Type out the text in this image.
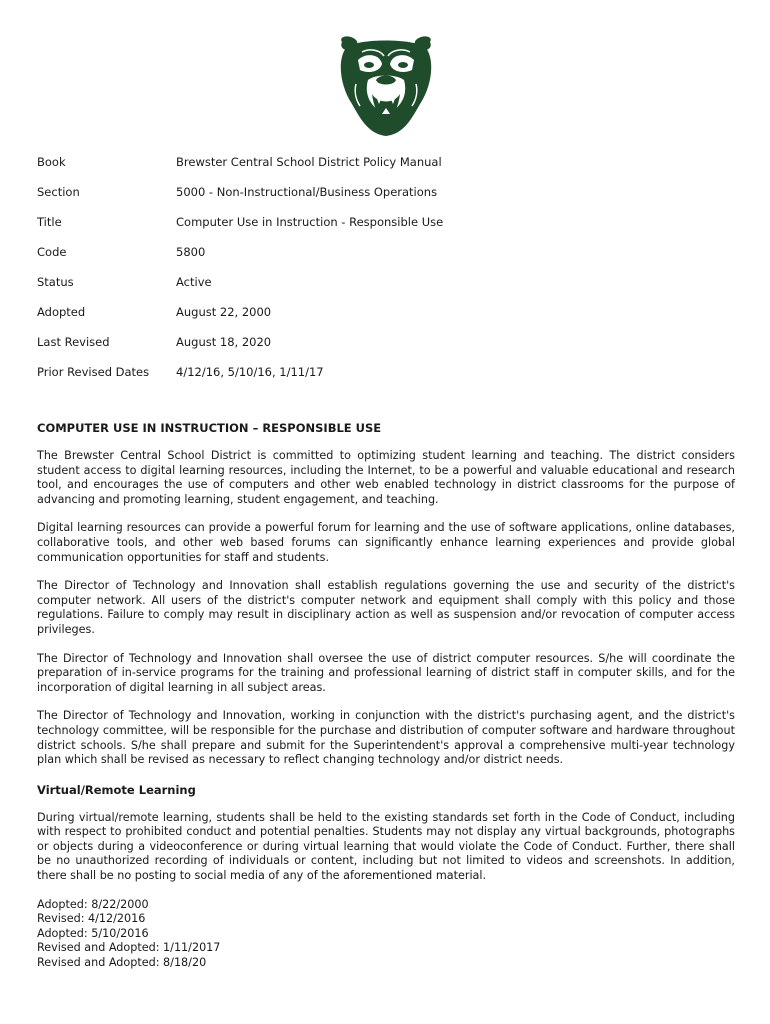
Book	Brewster Central School District Policy Manual
Section	5000 - Non-Instructional/Business Operations
Title	Computer Use in Instruction - Responsible Use
Code	5800
Status	Active
Adopted	August 22, 2000
Last Revised	August 18, 2020
Prior Revised Dates	4/12/16, 5/10/16, 1/11/17
COMPUTER USE IN INSTRUCTION – RESPONSIBLE USE

The Brewster Central School District is committed to optimizing student learning and teaching. The district considers student access to digital learning resources, including the Internet, to be a powerful and valuable educational and research tool, and encourages the use of computers and other web enabled technology in district classrooms for the purpose of advancing and promoting learning, student engagement, and teaching.

Digital learning resources can provide a powerful forum for learning and the use of software applications, online databases, collaborative tools, and other web based forums can significantly enhance learning experiences and provide global communication opportunities for staff and students.

The Director of Technology and Innovation shall establish regulations governing the use and security of the district's computer network. All users of the district's computer network and equipment shall comply with this policy and those regulations. Failure to comply may result in disciplinary action as well as suspension and/or revocation of computer access privileges.

The Director of Technology and Innovation shall oversee the use of district computer resources. S/he will coordinate the preparation of in-service programs for the training and professional learning of district staff in computer skills, and for the incorporation of digital learning in all subject areas.

The Director of Technology and Innovation, working in conjunction with the district's purchasing agent, and the district's technology committee, will be responsible for the purchase and distribution of computer software and hardware throughout district schools. S/he shall prepare and submit for the Superintendent's approval a comprehensive multi-year technology plan which shall be revised as necessary to reflect changing technology and/or district needs.

Virtual/Remote Learning

During virtual/remote learning, students shall be held to the existing standards set forth in the Code of Conduct, including with respect to prohibited conduct and potential penalties. Students may not display any virtual backgrounds, photographs or objects during a videoconference or during virtual learning that would violate the Code of Conduct. Further, there shall be no unauthorized recording of individuals or content, including but not limited to videos and screenshots. In addition, there shall be no posting to social media of any of the aforementioned material.

Adopted: 8/22/2000
Revised: 4/12/2016
Adopted: 5/10/2016
Revised and Adopted: 1/11/2017
Revised and Adopted: 8/18/20
